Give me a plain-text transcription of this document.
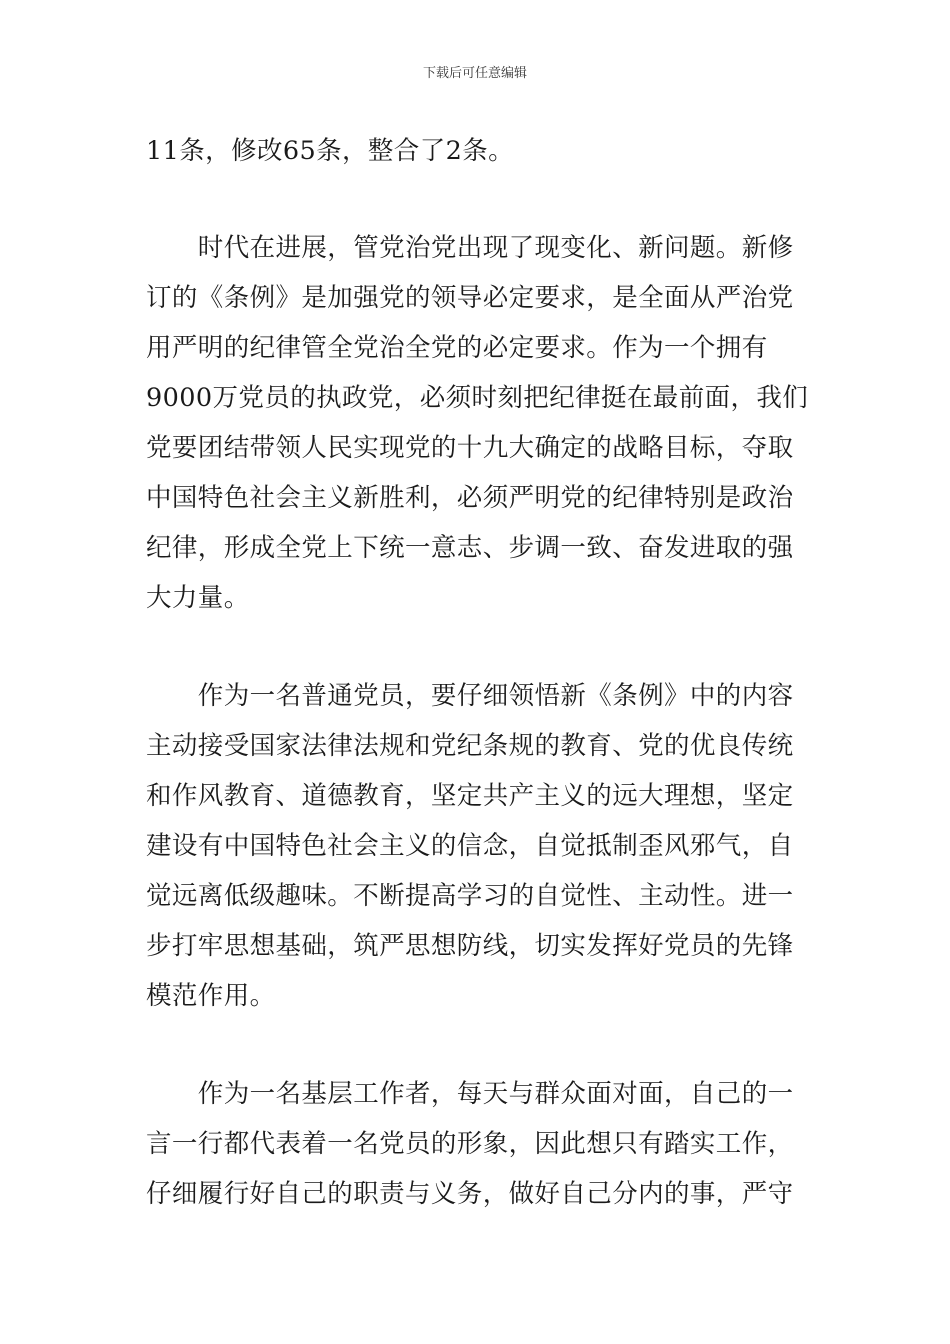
下载后可任意编辑

11条，修改65条，整合了2条。

　　时代在进展，管党治党出现了现变化、新问题。新修

订的《条例》是加强党的领导必定要求，是全面从严治党

用严明的纪律管全党治全党的必定要求。作为一个拥有

9000万党员的执政党，必须时刻把纪律挺在最前面，我们

党要团结带领人民实现党的十九大确定的战略目标，夺取

中国特色社会主义新胜利，必须严明党的纪律特别是政治

纪律，形成全党上下统一意志、步调一致、奋发进取的强

大力量。

　　作为一名普通党员，要仔细领悟新《条例》中的内容

主动接受国家法律法规和党纪条规的教育、党的优良传统

和作风教育、道德教育，坚定共产主义的远大理想，坚定

建设有中国特色社会主义的信念，自觉抵制歪风邪气，自

觉远离低级趣味。不断提高学习的自觉性、主动性。进一

步打牢思想基础，筑严思想防线，切实发挥好党员的先锋

模范作用。

　　作为一名基层工作者，每天与群众面对面，自己的一

言一行都代表着一名党员的形象，因此想只有踏实工作，

仔细履行好自己的职责与义务，做好自己分内的事，严守
